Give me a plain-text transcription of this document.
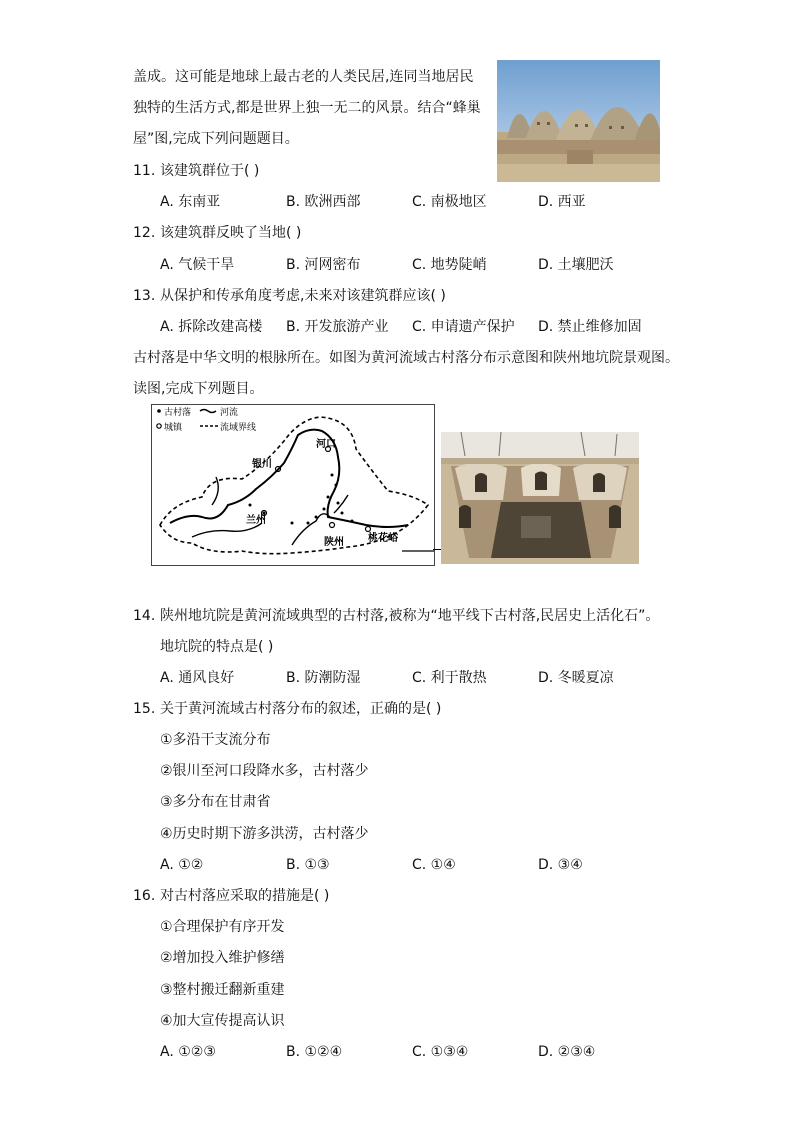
盖成。这可能是地球上最古老的人类民居,连同当地居民
独特的生活方式,都是世界上独一无二的风景。结合“蜂巢
屋”图,完成下列问题题目。
11. 该建筑群位于( )
A. 东南亚	B. 欧洲西部	C. 南极地区	D. 西亚
12. 该建筑群反映了当地( )
A. 气候干旱	B. 河网密布	C. 地势陡峭	D. 土壤肥沃
13. 从保护和传承角度考虑,未来对该建筑群应该( )
A. 拆除改建高楼 B. 开发旅游产业 C. 申请遗产保护 D. 禁止维修加固
古村落是中华文明的根脉所在。如图为黄河流域古村落分布示意图和陕州地坑院景观图。
读图,完成下列题目。
古村落	河流
城镇	流域界线
银川
河口
兰州
陕州 桃花峪
14. 陕州地坑院是黄河流域典型的古村落,被称为“地平线下古村落,民居史上活化石”。
地坑院的特点是( )
A. 通风良好	B. 防潮防湿	C. 利于散热	D. 冬暖夏凉
15. 关于黄河流域古村落分布的叙述，正确的是( )
①多沿干支流分布
②银川至河口段降水多，古村落少
③多分布在甘肃省
④历史时期下游多洪涝，古村落少
A. ①②	B. ①③	C. ①④	D. ③④
16. 对古村落应采取的措施是( )
①合理保护有序开发
②增加投入维护修缮
③整村搬迁翻新重建
④加大宣传提高认识
A. ①②③	B. ①②④	C. ①③④	D. ②③④
